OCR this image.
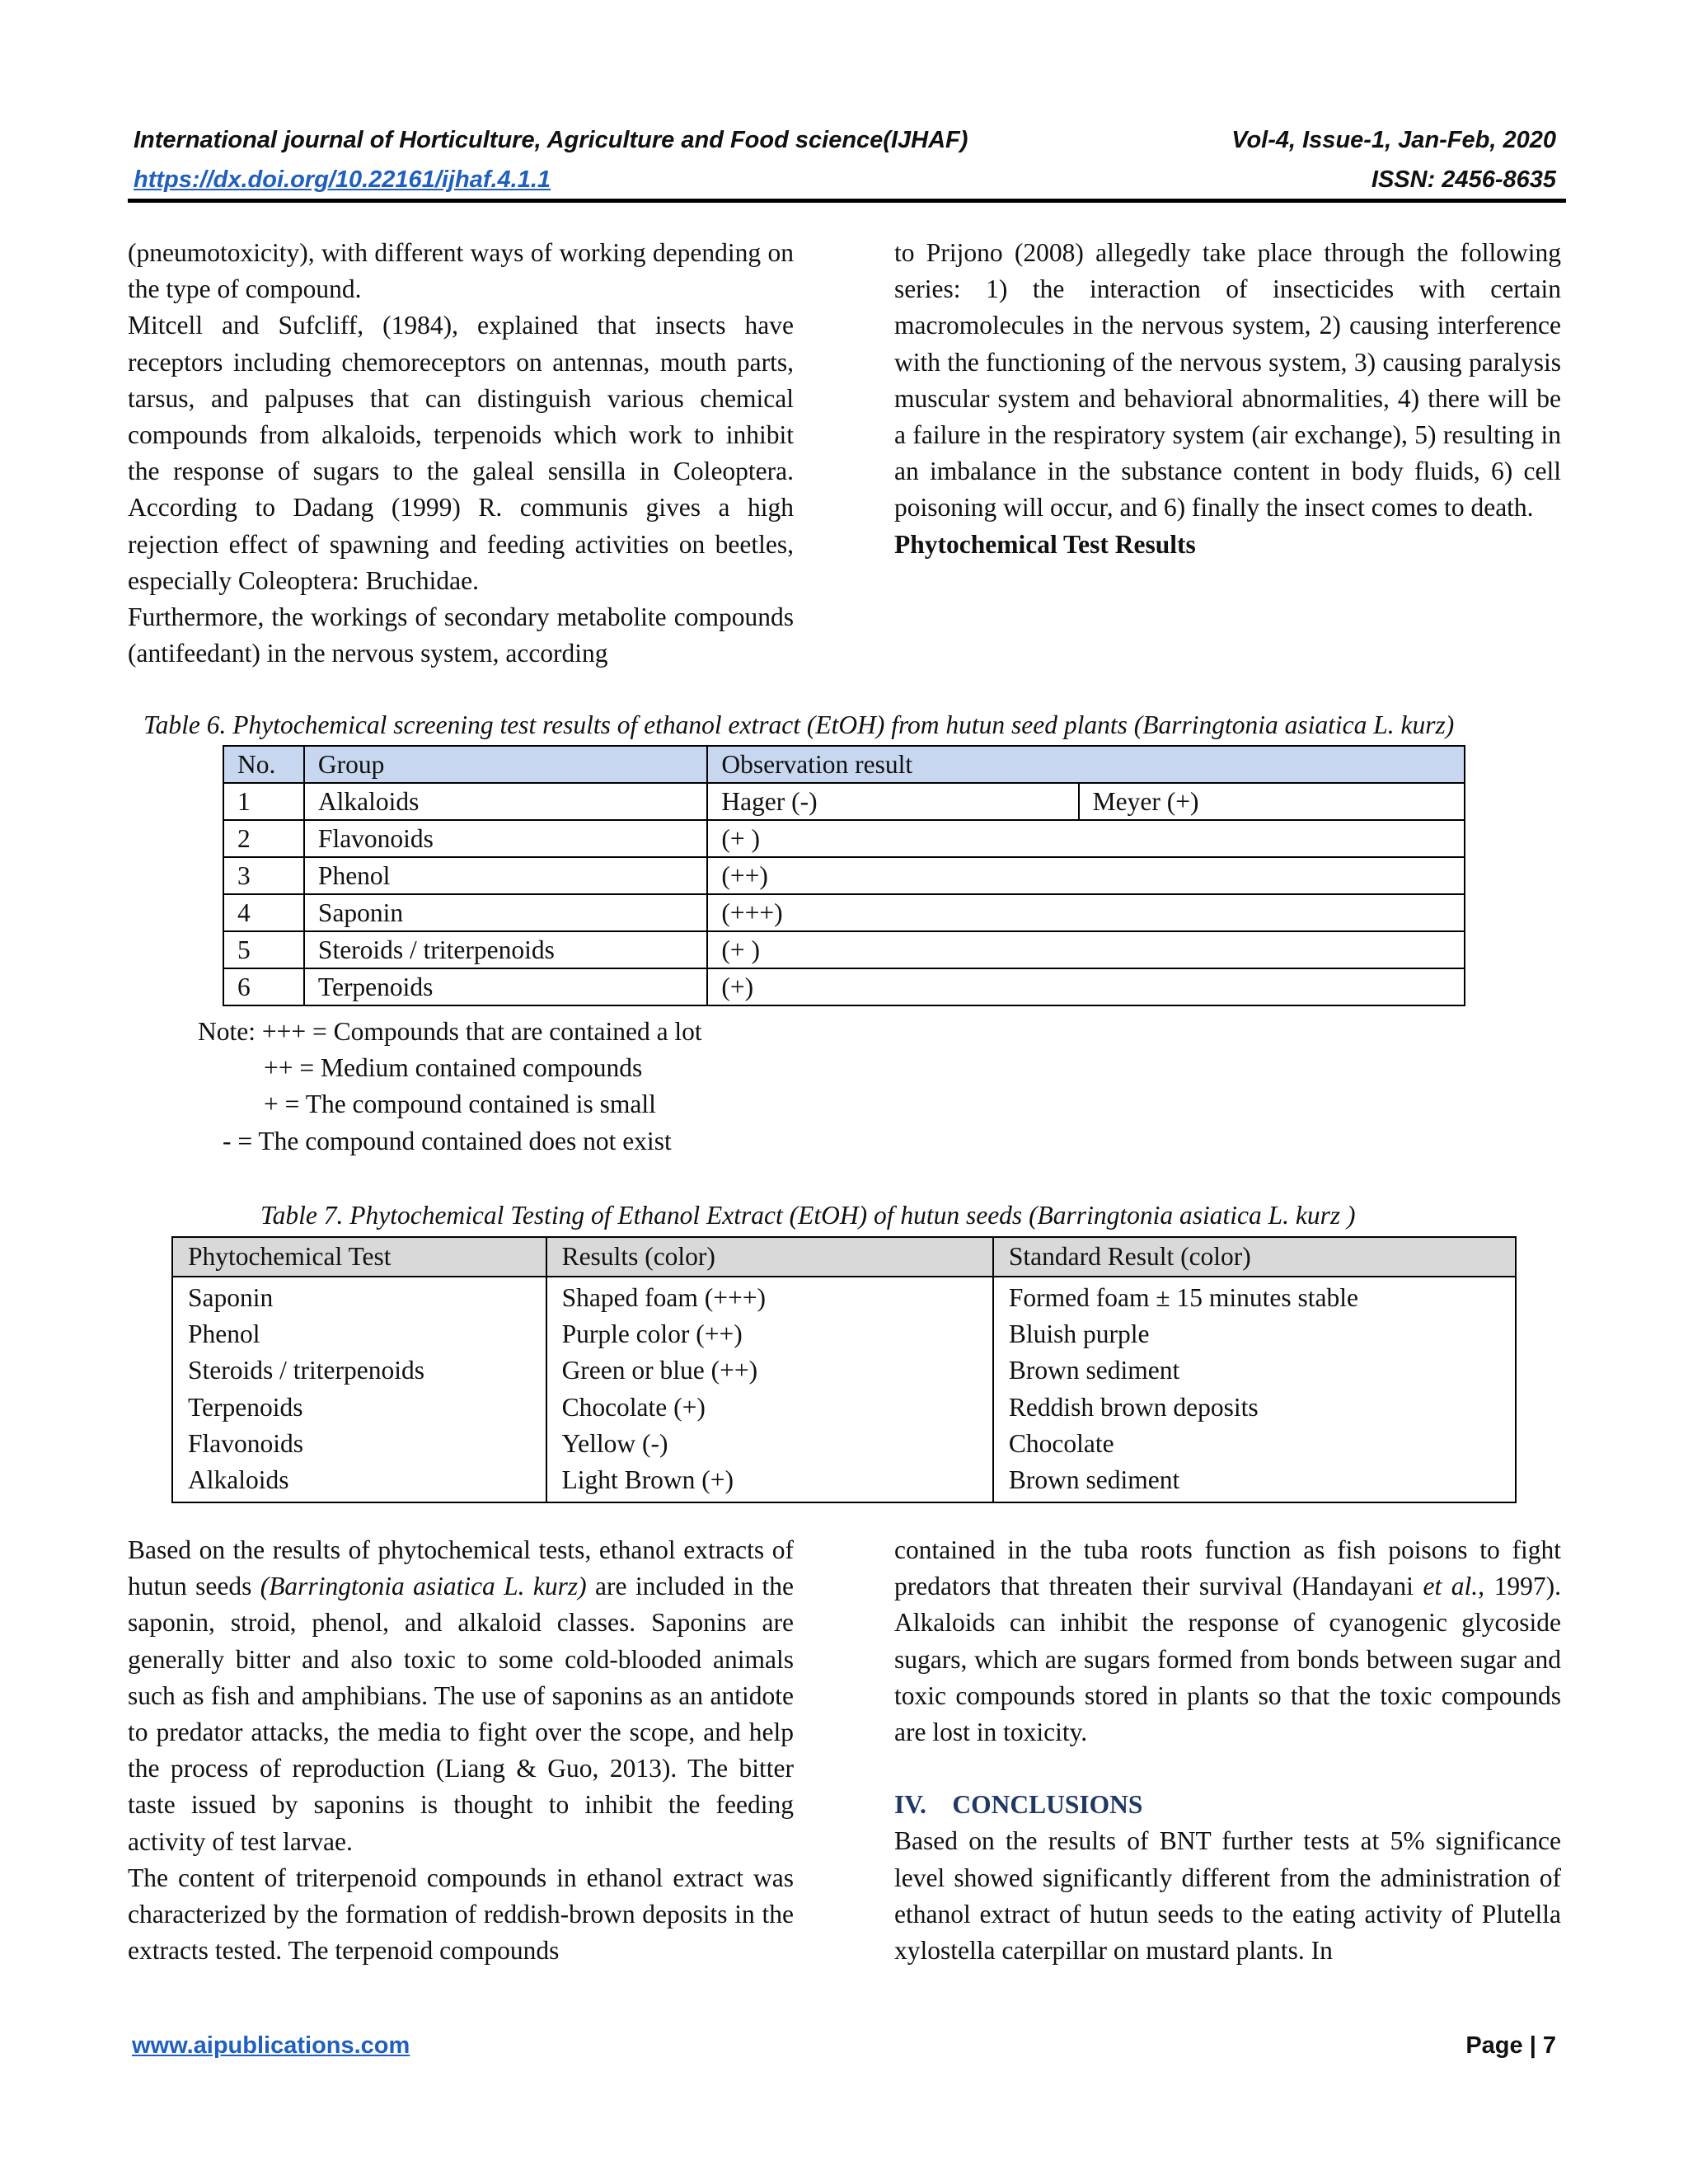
International journal of Horticulture, Agriculture and Food science(IJHAF)
https://dx.doi.org/10.22161/ijhaf.4.1.1
Vol-4, Issue-1, Jan-Feb, 2020
ISSN: 2456-8635

(pneumotoxicity), with different ways of working depending on the type of compound.

Mitcell and Sufcliff, (1984), explained that insects have receptors including chemoreceptors on antennas, mouth parts, tarsus, and palpuses that can distinguish various chemical compounds from alkaloids, terpenoids which work to inhibit the response of sugars to the galeal sensilla in Coleoptera. According to Dadang (1999) R. communis gives a high rejection effect of spawning and feeding activities on beetles, especially Coleoptera: Bruchidae.

Furthermore, the workings of secondary metabolite compounds (antifeedant) in the nervous system, according

to Prijono (2008) allegedly take place through the following series: 1) the interaction of insecticides with certain macromolecules in the nervous system, 2) causing interference with the functioning of the nervous system, 3) causing paralysis muscular system and behavioral abnormalities, 4) there will be a failure in the respiratory system (air exchange), 5) resulting in an imbalance in the substance content in body fluids, 6) cell poisoning will occur, and 6) finally the insect comes to death.

Phytochemical Test Results

Table 6. Phytochemical screening test results of ethanol extract (EtOH) from hutun seed plants (Barringtonia asiatica L. kurz)
No.	Group	Observation result	
1	Alkaloids	Hager (-)	Meyer (+)
2	Flavonoids	(+ )	
3	Phenol	(++)	
4	Saponin	(+++)	
5	Steroids / triterpenoids	(+ )	
6	Terpenoids	(+)	
Note: +++ = Compounds that are contained a lot
++ = Medium contained compounds
+ = The compound contained is small
- = The compound contained does not exist
Table 7. Phytochemical Testing of Ethanol Extract (EtOH) of hutun seeds (Barringtonia asiatica L. kurz )
Phytochemical Test	Results (color)	Standard Result (color)
Saponin	Shaped foam (+++)	Formed foam ± 15 minutes stable
Phenol	Purple color (++)	Bluish purple
Steroids / triterpenoids	Green or blue (++)	Brown sediment
Terpenoids	Chocolate (+)	Reddish brown deposits
Flavonoids	Yellow (-)	Chocolate
Alkaloids	Light Brown (+)	Brown sediment

Based on the results of phytochemical tests, ethanol extracts of hutun seeds (Barringtonia asiatica L. kurz) are included in the saponin, stroid, phenol, and alkaloid classes. Saponins are generally bitter and also toxic to some cold-blooded animals such as fish and amphibians. The use of saponins as an antidote to predator attacks, the media to fight over the scope, and help the process of reproduction (Liang & Guo, 2013). The bitter taste issued by saponins is thought to inhibit the feeding activity of test larvae.

The content of triterpenoid compounds in ethanol extract was characterized by the formation of reddish-brown deposits in the extracts tested. The terpenoid compounds

contained in the tuba roots function as fish poisons to fight predators that threaten their survival (Handayani et al., 1997). Alkaloids can inhibit the response of cyanogenic glycoside sugars, which are sugars formed from bonds between sugar and toxic compounds stored in plants so that the toxic compounds are lost in toxicity.

IV.    CONCLUSIONS

Based on the results of BNT further tests at 5% significance level showed significantly different from the administration of ethanol extract of hutun seeds to the eating activity of Plutella xylostella caterpillar on mustard plants. In

www.aipublications.com	Page | 7
